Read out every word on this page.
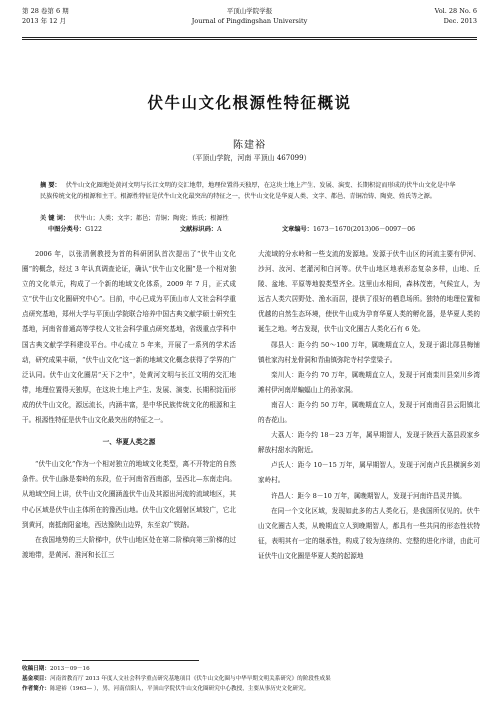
第 28 卷第 6 期
2013 年 12 月
平顶山学院学报
Journal of Pingdingshan University
Vol. 28 No. 6
Dec. 2013
伏牛山文化根源性特征概说
陈建裕
（平顶山学院，河南 平顶山 467099）
摘 要： 伏牛山文化圈地处黄河文明与长江文明的交汇地带，地理位置得天独厚，在这块土地上产生、发展、演变、长期积淀而形成的伏牛山文化是中华民族传统文化的根源和主干。根源性特征是伏牛山文化最突出的特征之一，伏牛山文化是华夏人类、文字、都邑、青铜冶铸、陶瓷、姓氏等之源。
关 键 词： 伏牛山；人类；文字；都邑；青铜；陶瓷；姓氏；根源性
中图分类号：G122	文献标识码：A	文章编号：1673－1670(2013)06－0097－06

2006 年，以张清俐教授为首的科研团队首次提出了“伏牛山文化圈”的概念，经过 3 年认真调查论证，确认“伏牛山文化圈”是一个相对独立的文化单元，构成了一个新的地域文化体系，2009 年 7 月，正式成立“伏牛山文化圈研究中心”。目前，中心已成为平顶山市人文社会科学重点研究基地，郑州大学与平顶山学院联合培养中国古典文献学硕士研究生基地，河南省普通高等学校人文社会科学重点研究基地，省级重点学科中国古典文献学学科建设平台。中心成立 5 年来，开展了一系列的学术活动，研究成果丰硕，“伏牛山文化”这一新的地域文化概念获得了学界的广泛认同。伏牛山文化圈居“天下之中”，处黄河文明与长江文明的交汇地带，地理位置得天独厚，在这块土地上产生、发展、演变、长期积淀而形成的伏牛山文化，源远流长，内涵丰富，是中华民族传统文化的根源和主干。根源性特征是伏牛山文化最突出的特征之一。

一、华夏人类之源

“伏牛山文化”作为一个相对独立的地域文化类型，离不开特定的自然条件。伏牛山脉是秦岭的东段，位于河南省西南部，呈西北—东南走向。从地域空间上讲，伏牛山文化圈涵盖伏牛山及其源出河流的流域地区，其中心区域是伏牛山主体所在的豫西山地。伏牛山文化辐射区域较广，它北到黄河，南抵南阳盆地，西达豫陕山边界，东至京广铁路。

在我国地势的三大阶梯中，伏牛山地区处在第二阶梯向第三阶梯的过渡地带，是黄河、淮河和长江三

大流域的分水岭和一些支流的发源地。发源于伏牛山区的河流主要有伊河、沙河、汝河、老灌河和白河等。伏牛山地区地表形态复杂多样，山地、丘陵、盆地、平原等地貌类型齐全。这里山水相间，森林茂密，气候宜人，为远古人类穴居野处、渔水而居，提供了很好的栖息场所。独特的地理位置和优越的自然生态环境，使伏牛山成为孕育华夏人类的孵化器，是华夏人类的诞生之地。考古发现，伏牛山文化圈古人类化石有 6 处。

郧县人：距今约 50～100 万年，属晚期直立人，发现于湖北郧县梅铺镇杜家沟村龙骨洞和青曲镇弥陀寺村学堂梁子。

栾川人：距今约 70 万年，属晚期直立人，发现于河南栾川县栾川乡湾滩村伊河南岸蝙蝠山上的孙家洞。

南召人：距今约 50 万年，属晚期直立人，发现于河南南召县云阳镇北的杏花山。

大荔人：距今约 18－23 万年，属早期智人，发现于陕西大荔县段家乡解放村甜水沟附近。

卢氏人：距今 10－15 万年，属早期智人，发现于河南卢氏县横涧乡刘家岭村。

许昌人：距今 8－10 万年，属晚期智人，发现于河南许昌灵井镇。

在同一个文化区域，发现如此多的古人类化石，是我国所仅见的。伏牛山文化圈古人类，从晚期直立人到晚期智人，都具有一些共同的形态性状特征，表明其有一定的继承性，构成了较为连续的、完整的进化序谱，由此可证伏牛山文化圈是华夏人类的起源地

收稿日期：2013－09－16
基金项目：河南省教育厅 2013 年度人文社会科学重点研究基地项目《伏牛山文化圈与中华早期文明关系研究》的阶段性成果
作者简介：陈建裕（1963— ），男，河南信阳人，平顶山学院伏牛山文化圈研究中心教授，主要从事历史文化研究。
